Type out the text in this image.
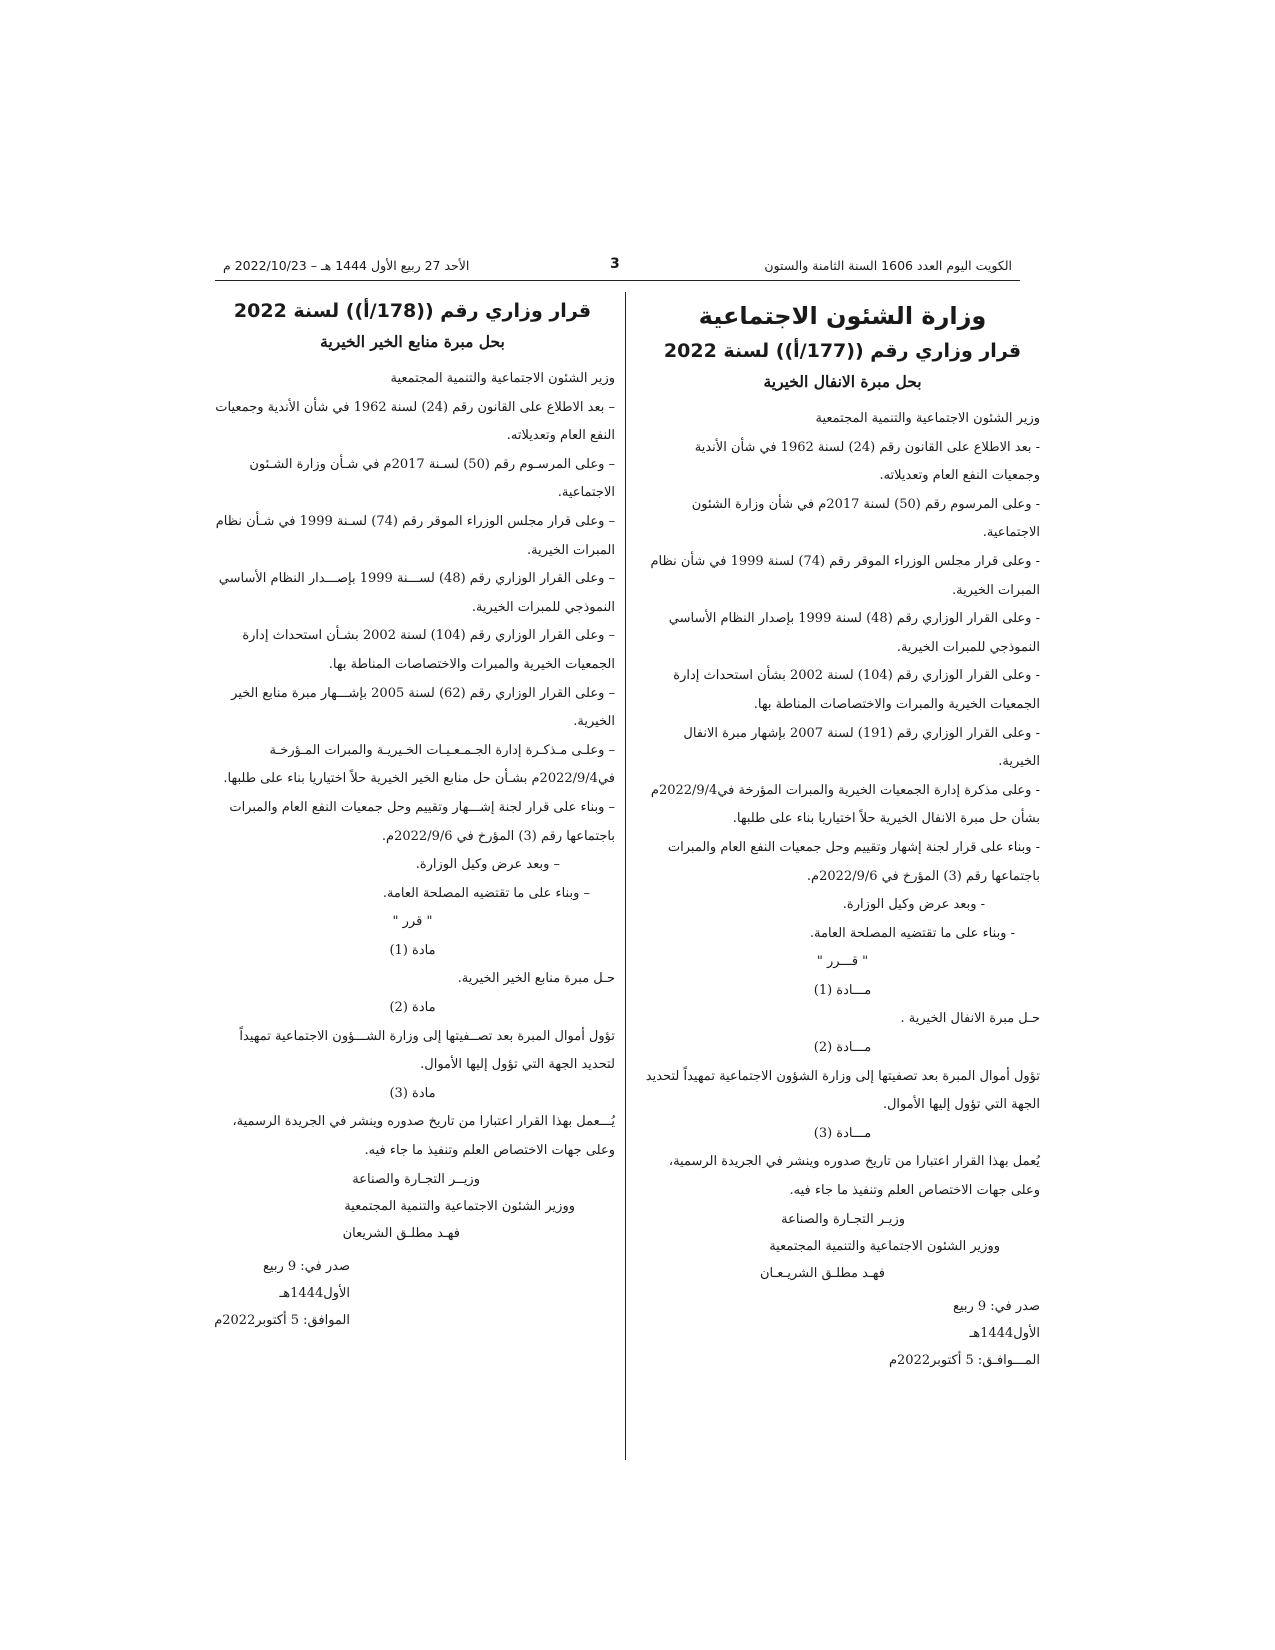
الأحد 27 ربيع الأول 1444 هـ – 2022/10/23 م	3	الكويت اليوم العدد 1606 السنة الثامنة والستون
وزارة الشئون الاجتماعية
قرار وزاري رقم ((177/أ)) لسنة 2022
بحل مبرة الانفال الخيرية

وزير الشئون الاجتماعية والتنمية المجتمعية

- بعد الاطلاع على القانون رقم (24) لسنة 1962 في شأن الأندية وجمعيات النفع العام وتعديلاته.

- وعلى المرسوم رقم (50) لسنة 2017م في شأن وزارة الشئون الاجتماعية.

- وعلى قرار مجلس الوزراء الموقر رقم (74) لسنة 1999 في شأن نظام المبرات الخيرية.

- وعلى القرار الوزاري رقم (48) لسنة 1999 بإصدار النظام الأساسي النموذجي للمبرات الخيرية.

- وعلى القرار الوزاري رقم (104) لسنة 2002 بشأن استحداث إدارة الجمعيات الخيرية والمبرات والاختصاصات المناطة بها.

- وعلى القرار الوزاري رقم (191) لسنة 2007 بإشهار مبرة الانفال الخيرية.

- وعلى مذكرة إدارة الجمعيات الخيرية والمبرات المؤرخة في2022/9/4م بشأن حل مبرة الانفال الخيرية حلاً اختياريا بناء على طلبها.

- وبناء على قرار لجنة إشهار وتقييم وحل جمعيات النفع العام والمبرات باجتماعها رقم (3) المؤرخ في 2022/9/6م.

- وبعد عرض وكيل الوزارة.

- وبناء على ما تقتضيه المصلحة العامة.

" قـــرر "

مـــادة (1)

حـل مبرة الانفال الخيرية .

مـــادة (2)

تؤول أموال المبرة بعد تصفيتها إلى وزارة الشؤون الاجتماعية تمهيداً لتحديد الجهة التي تؤول إليها الأموال.

مـــادة (3)

يُعمل بهذا القرار اعتبارا من تاريخ صدوره وينشر في الجريدة الرسمية، وعلى جهات الاختصاص العلم وتنفيذ ما جاء فيه.

وزيـر التجـارة والصناعة

ووزير الشئون الاجتماعية والتنمية المجتمعية

فهـد مطلـق الشريـعـان

صدر في: 9 ربيع الأول1444هـ

المـــوافـق: 5 أكتوبر2022م

قرار وزاري رقم ((178/أ)) لسنة 2022
بحل مبرة منابع الخير الخيرية

وزير الشئون الاجتماعية والتنمية المجتمعية

– بعد الاطلاع على القانون رقم (24) لسنة 1962 في شأن الأندية وجمعيات النفع العام وتعديلاته.

– وعلى المرسـوم رقم (50) لسـنة 2017م في شـأن وزارة الشـئون الاجتماعية.

– وعلى قرار مجلس الوزراء الموقر رقم (74) لسـنة 1999 في شـأن نظام المبرات الخيرية.

– وعلى القرار الوزاري رقم (48) لســـنة 1999 بإصـــدار النظام الأساسي النموذجي للمبرات الخيرية.

– وعلى القرار الوزاري رقم (104) لسنة 2002 بشـأن استحداث إدارة الجمعيات الخيرية والمبرات والاختصاصات المناطة بها.

– وعلى القرار الوزاري رقم (62) لسنة 2005 بإشـــهار مبرة منابع الخير الخيرية.

– وعلـى مـذكـرة إدارة الجـمـعـيـات الخـيريـة والمبرات المـؤرخـة في2022/9/4م بشـأن حل منابع الخير الخيرية حلاً اختياريا بناء على طلبها.

– وبناء على قرار لجنة إشـــهار وتقييم وحل جمعيات النفع العام والمبرات باجتماعها رقم (3) المؤرخ في 2022/9/6م.

– وبعد عرض وكيل الوزارة.

– وبناء على ما تقتضيه المصلحة العامة.

" قرر "

مادة (1)

حـل مبرة منابع الخير الخيرية.

مادة (2)

تؤول أموال المبرة بعد تصــفيتها إلى وزارة الشـــؤون الاجتماعية تمهيداً لتحديد الجهة التي تؤول إليها الأموال.

مادة (3)

يُـــعمل بهذا القرار اعتبارا من تاريخ صدوره وينشر في الجريدة الرسمية، وعلى جهات الاختصاص العلم وتنفيذ ما جاء فيه.

وزيــر التجـارة والصناعة

ووزير الشئون الاجتماعية والتنمية المجتمعية

فهـد مطلـق الشريعان

صدر في: 9 ربيع الأول1444هـ

الموافق: 5 أكتوبر2022م
